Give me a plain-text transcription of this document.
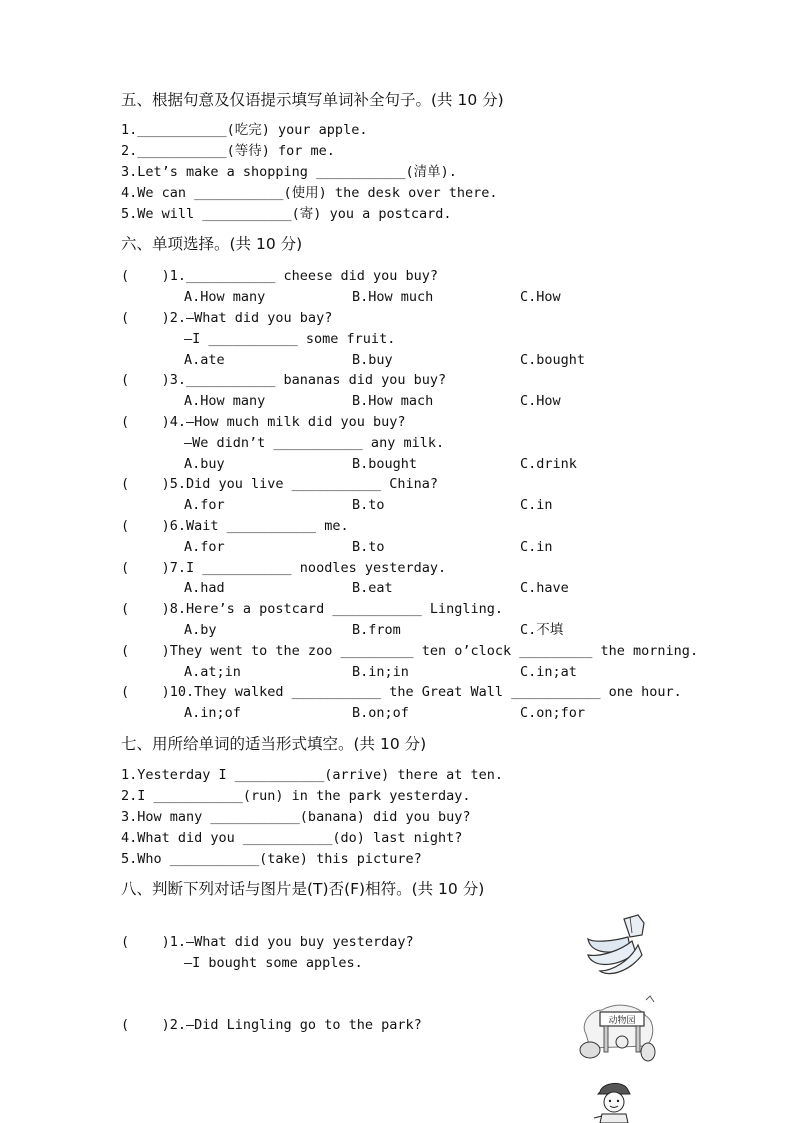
五、根据句意及仅语提示填写单词补全句子。(共 10 分)
1.___________(吃完) your apple.
2.___________(等待) for me.
3.Let’s make a shopping ___________(清单).
4.We can ___________(使用) the desk over there.
5.We will ___________(寄) you a postcard.
六、单项选择。(共 10 分)
(    )1.___________ cheese did you buy?
A.How many	B.How much	C.How
(    )2.—What did you bay?
—I ___________ some fruit.
A.ate	B.buy	C.bought
(    )3.___________ bananas did you buy?
A.How many	B.How mach	C.How
(    )4.—How much milk did you buy?
—We didn’t ___________ any milk.
A.buy	B.bought	C.drink
(    )5.Did you live ___________ China?
A.for	B.to	C.in
(    )6.Wait ___________ me.
A.for	B.to	C.in
(    )7.I ___________ noodles yesterday.
A.had	B.eat	C.have
(    )8.Here’s a postcard ___________ Lingling.
A.by	B.from	C.不填
(    )They went to the zoo _________ ten o’clock _________ the morning.
A.at;in	B.in;in	C.in;at
(    )10.They walked ___________ the Great Wall ___________ one hour.
A.in;of	B.on;of	C.on;for
七、用所给单词的适当形式填空。(共 10 分)
1.Yesterday I ___________(arrive) there at ten.
2.I ___________(run) in the park yesterday.
3.How many ___________(banana) did you buy?
4.What did you ___________(do) last night?
5.Who ___________(take) this picture?
八、判断下列对话与图片是(T)否(F)相符。(共 10 分)
(    )1.—What did you buy yesterday?
—I bought some apples.
(    )2.—Did Lingling go to the park?	动物园
